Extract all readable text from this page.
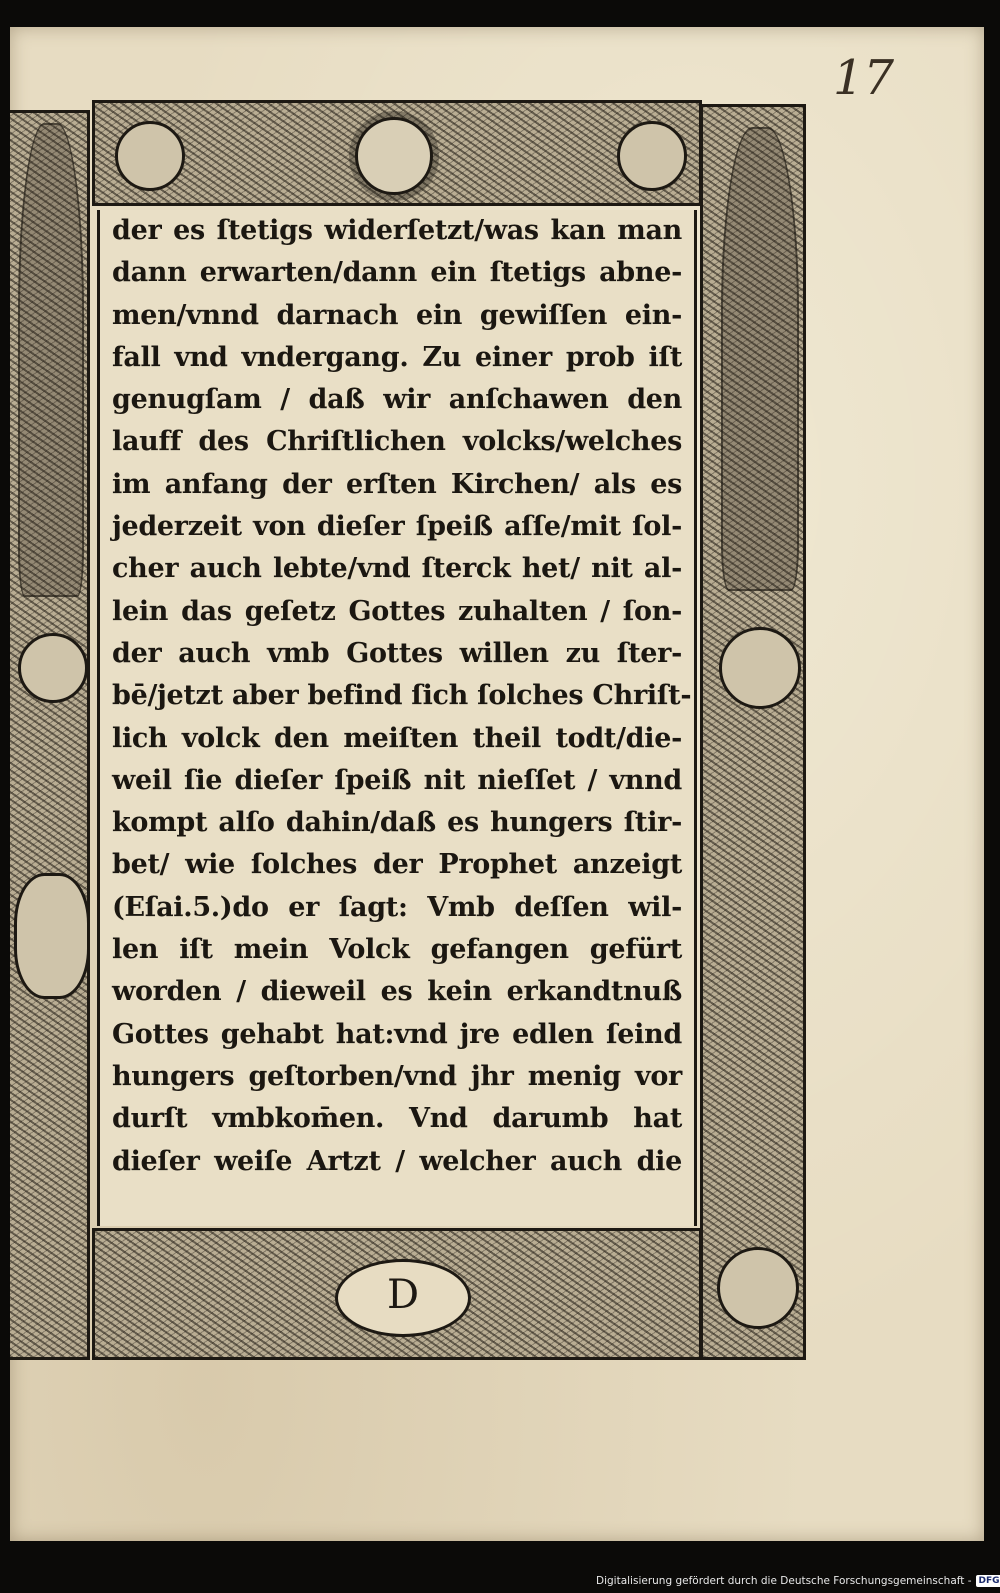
17
der es ſtetigs widerſetzt/was kan man
dann erwarten/dann ein ſtetigs abne-
men/vnnd darnach ein gewiſſen ein-
fall vnd vndergang. Zu einer prob iſt
genugſam / daß wir anſchawen den
lauff des Chriſtlichen volcks/welches
im anfang der erſten Kirchen/ als es
jederzeit von dieſer ſpeiß aſſe/mit ſol-
cher auch lebte/vnd ſterck het/ nit al-
lein das geſetz Gottes zuhalten / ſon-
der auch vmb Gottes willen zu ſter-
bē/jetzt aber befind ſich ſolches Chriſt-
lich volck den meiſten theil todt/die-
weil ſie dieſer ſpeiß nit nieſſet / vnnd
kompt alſo dahin/daß es hungers ſtir-
bet/ wie ſolches der Prophet anzeigt
(Eſai.5.)do er ſagt: Vmb deſſen wil-
len iſt mein Volck gefangen gefürt
worden / dieweil es kein erkandtnuß
Gottes gehabt hat:vnd jre edlen ſeind
hungers geſtorben/vnd jhr menig vor
durſt vmbkom̄en. Vnd darumb hat
dieſer weiſe Artzt / welcher auch die
D
Digitalisierung gefördert durch die Deutsche Forschungsgemeinschaft - DFG
